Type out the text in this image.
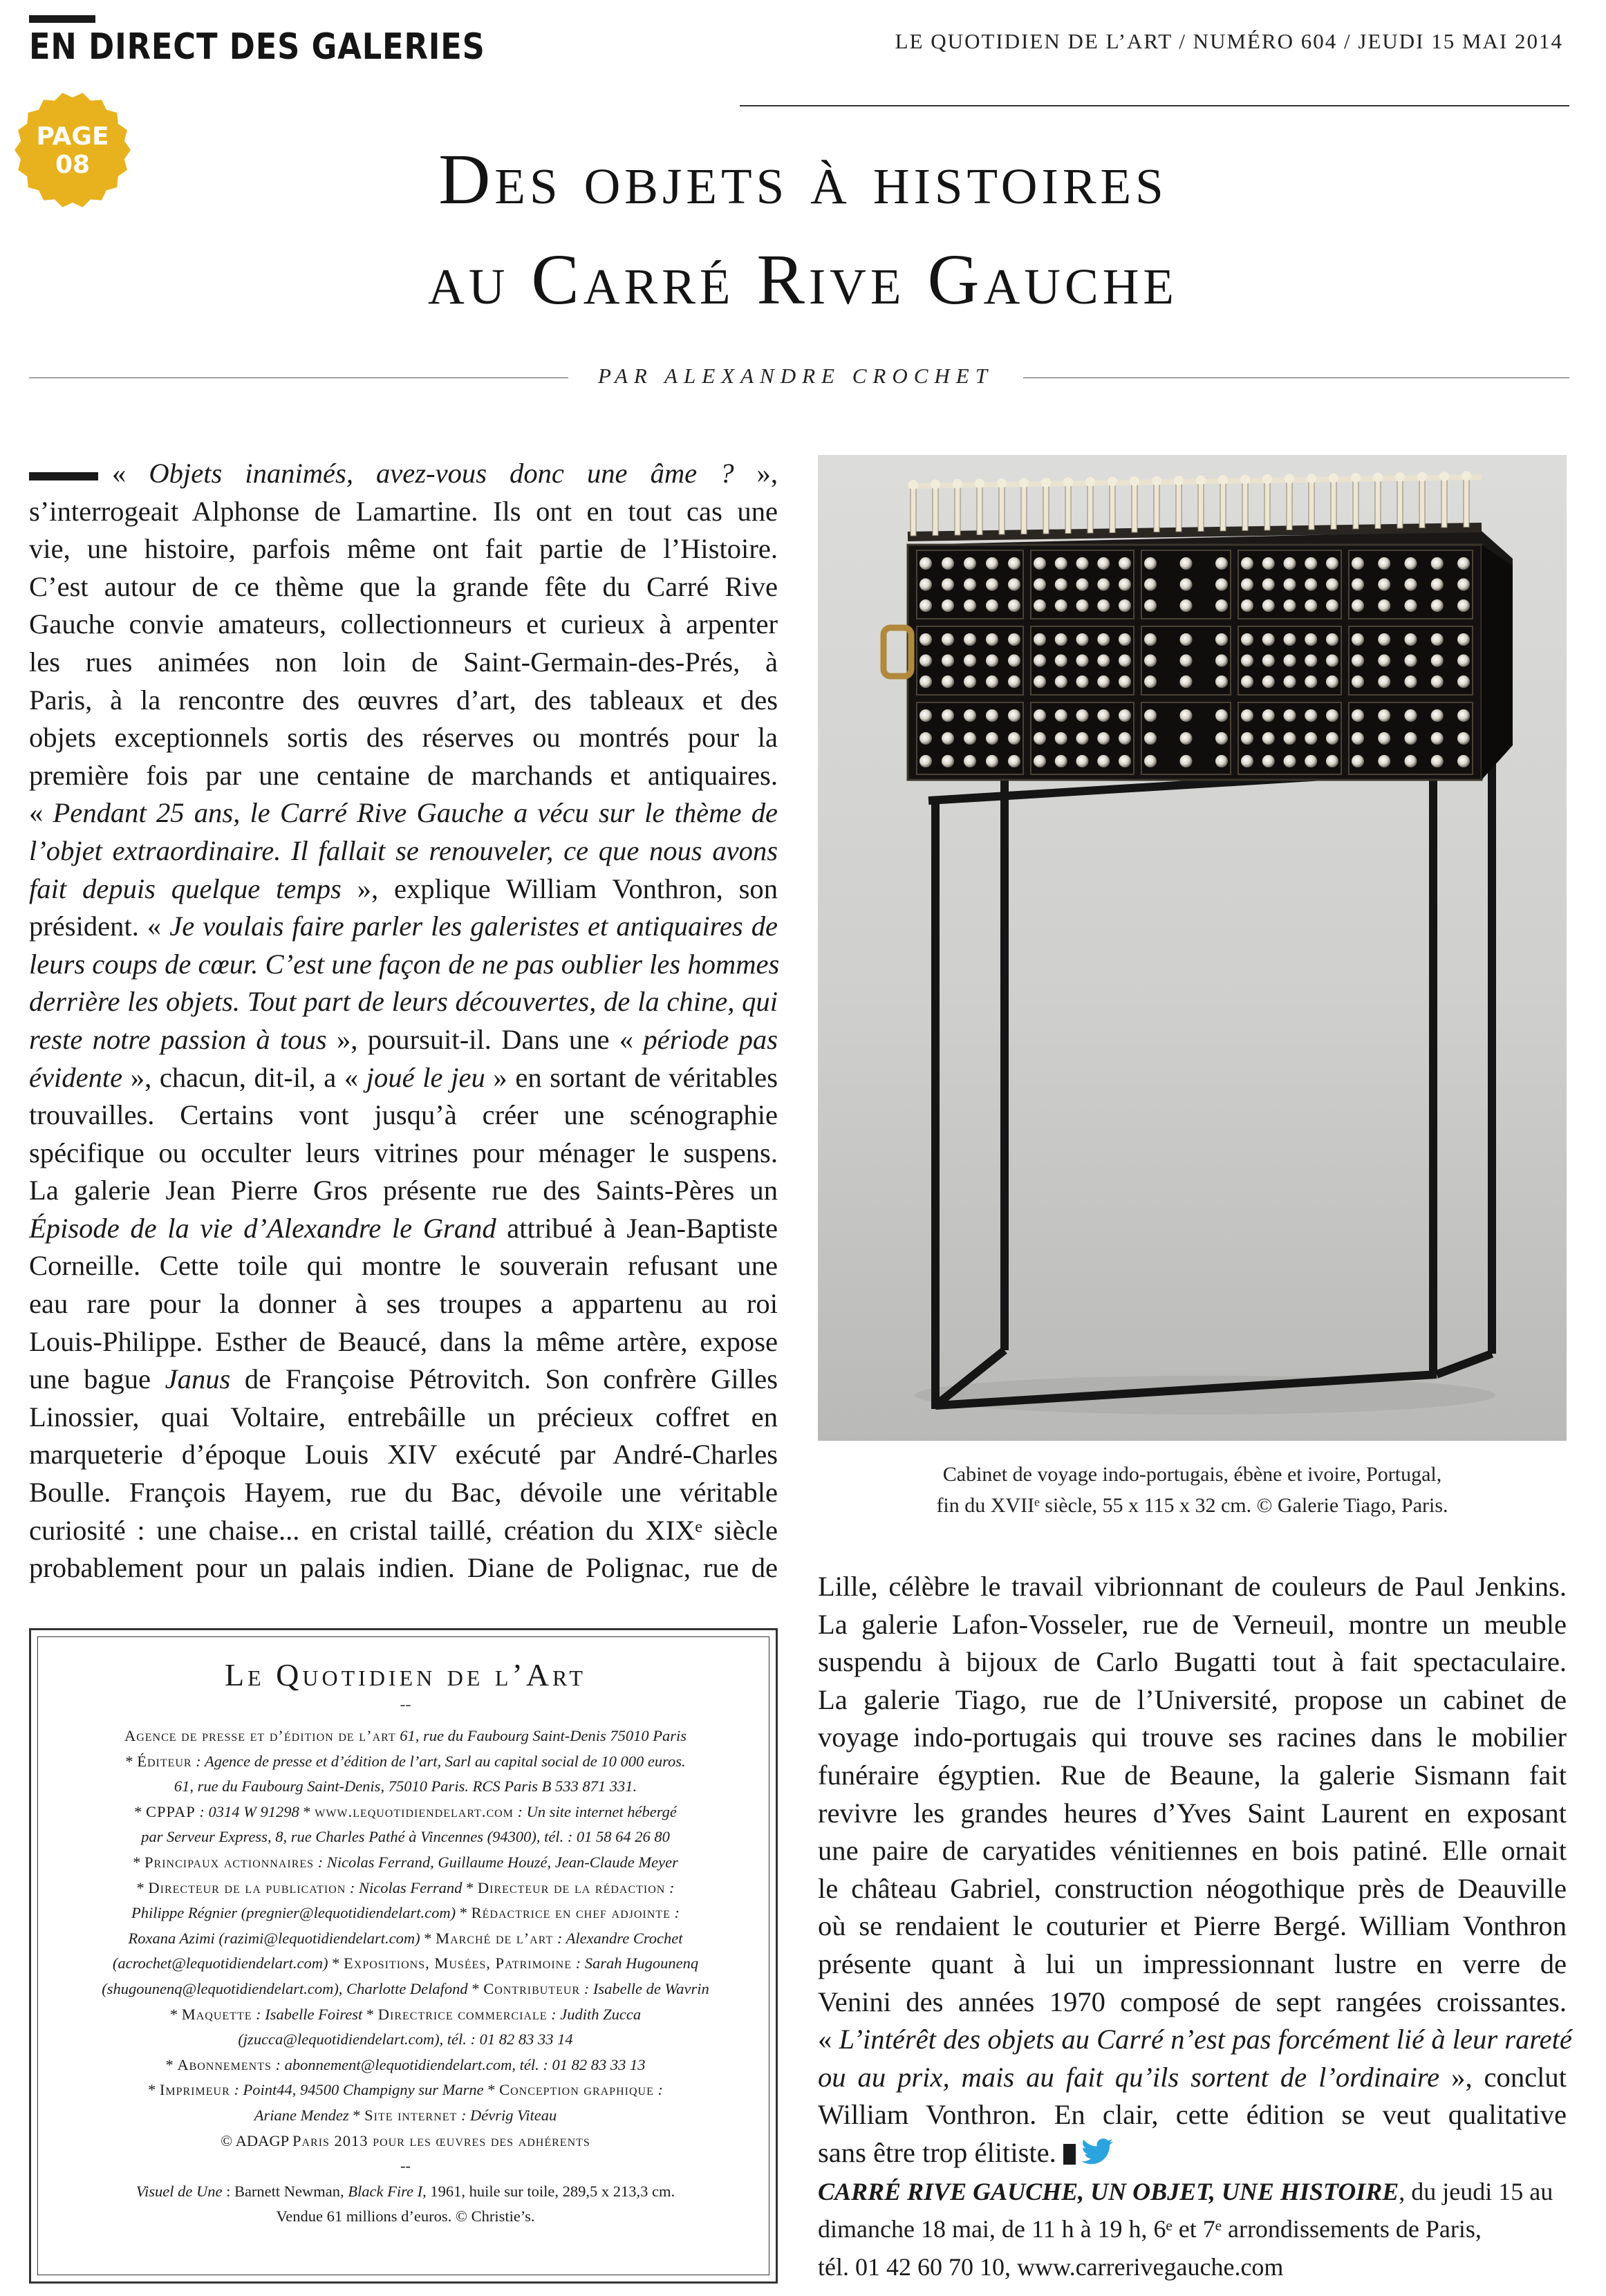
EN DIRECT DES GALERIES	LE QUOTIDIEN DE L’ART / NUMÉRO 604 / JEUDI 15 MAI 2014
PAGE
08	Des objets à histoires
au Carré Rive Gauche
PAR ALEXANDRE CROCHET
« Objets inanimés, avez-vous donc une âme ? »,
s’interrogeait Alphonse de Lamartine. Ils ont en tout cas une
vie, une histoire, parfois même ont fait partie de l’Histoire.
C’est autour de ce thème que la grande fête du Carré Rive
Gauche convie amateurs, collectionneurs et curieux à arpenter
les rues animées non loin de Saint-Germain-des-Prés, à
Paris, à la rencontre des œuvres d’art, des tableaux et des
objets exceptionnels sortis des réserves ou montrés pour la
première fois par une centaine de marchands et antiquaires.
« Pendant 25 ans, le Carré Rive Gauche a vécu sur le thème de
l’objet extraordinaire. Il fallait se renouveler, ce que nous avons
fait depuis quelque temps », explique William Vonthron, son
président. « Je voulais faire parler les galeristes et antiquaires de
leurs coups de cœur. C’est une façon de ne pas oublier les hommes
derrière les objets. Tout part de leurs découvertes, de la chine, qui
reste notre passion à tous », poursuit-il. Dans une « période pas
évidente », chacun, dit-il, a « joué le jeu » en sortant de véritables
trouvailles. Certains vont jusqu’à créer une scénographie
spécifique ou occulter leurs vitrines pour ménager le suspens.
La galerie Jean Pierre Gros présente rue des Saints-Pères un
Épisode de la vie d’Alexandre le Grand attribué à Jean-Baptiste
Corneille. Cette toile qui montre le souverain refusant une
eau rare pour la donner à ses troupes a appartenu au roi
Louis-Philippe. Esther de Beaucé, dans la même artère, expose
une bague Janus de Françoise Pétrovitch. Son confrère Gilles
Linossier, quai Voltaire, entrebâille un précieux coffret en
marqueterie d’époque Louis XIV exécuté par André-Charles
Boulle. François Hayem, rue du Bac, dévoile une véritable
curiosité : une chaise... en cristal taillé, création du XIXᵉ siècle
probablement pour un palais indien. Diane de Polignac, rue de
Cabinet de voyage indo-portugais, ébène et ivoire, Portugal,
fin du XVIIᵉ siècle, 55 x 115 x 32 cm. © Galerie Tiago, Paris.
Lille, célèbre le travail vibrionnant de couleurs de Paul Jenkins.
La galerie Lafon-Vosseler, rue de Verneuil, montre un meuble
suspendu à bijoux de Carlo Bugatti tout à fait spectaculaire.
La galerie Tiago, rue de l’Université, propose un cabinet de
voyage indo-portugais qui trouve ses racines dans le mobilier
funéraire égyptien. Rue de Beaune, la galerie Sismann fait
revivre les grandes heures d’Yves Saint Laurent en exposant
une paire de caryatides vénitiennes en bois patiné. Elle ornait
le château Gabriel, construction néogothique près de Deauville
où se rendaient le couturier et Pierre Bergé. William Vonthron
présente quant à lui un impressionnant lustre en verre de
Venini des années 1970 composé de sept rangées croissantes.
« L’intérêt des objets au Carré n’est pas forcément lié à leur rareté
ou au prix, mais au fait qu’ils sortent de l’ordinaire », conclut
William Vonthron. En clair, cette édition se veut qualitative
sans être trop élitiste.
CARRÉ RIVE GAUCHE, UN OBJET, UNE HISTOIRE, du jeudi 15 au
dimanche 18 mai, de 11 h à 19 h, 6ᵉ et 7ᵉ arrondissements de Paris,
tél. 01 42 60 70 10, www.carrerivegauche.com
Le Quotidien de l’Art
--
Agence de presse et d’édition de l’art 61, rue du Faubourg Saint-Denis 75010 Paris
* Éditeur : Agence de presse et d’édition de l’art, Sarl au capital social de 10 000 euros.
61, rue du Faubourg Saint-Denis, 75010 Paris. RCS Paris B 533 871 331.
* CPPAP : 0314 W 91298 * www.lequotidiendelart.com : Un site internet hébergé
par Serveur Express, 8, rue Charles Pathé à Vincennes (94300), tél. : 01 58 64 26 80
* Principaux actionnaires : Nicolas Ferrand, Guillaume Houzé, Jean-Claude Meyer
* Directeur de la publication : Nicolas Ferrand * Directeur de la rédaction :
Philippe Régnier (pregnier@lequotidiendelart.com) * Rédactrice en chef adjointe :
Roxana Azimi (razimi@lequotidiendelart.com) * Marché de l’art : Alexandre Crochet
(acrochet@lequotidiendelart.com) * Expositions, Musées, Patrimoine : Sarah Hugounenq
(shugounenq@lequotidiendelart.com), Charlotte Delafond * Contributeur : Isabelle de Wavrin
* Maquette : Isabelle Foirest * Directrice commerciale : Judith Zucca
(jzucca@lequotidiendelart.com), tél. : 01 82 83 33 14
* Abonnements : abonnement@lequotidiendelart.com, tél. : 01 82 83 33 13
* Imprimeur : Point44, 94500 Champigny sur Marne * Conception graphique :
Ariane Mendez * Site internet : Dévrig Viteau
© ADAGP Paris 2013 pour les œuvres des adhérents
--
Visuel de Une : Barnett Newman, Black Fire I, 1961, huile sur toile, 289,5 x 213,3 cm.
Vendue 61 millions d’euros. © Christie’s.
